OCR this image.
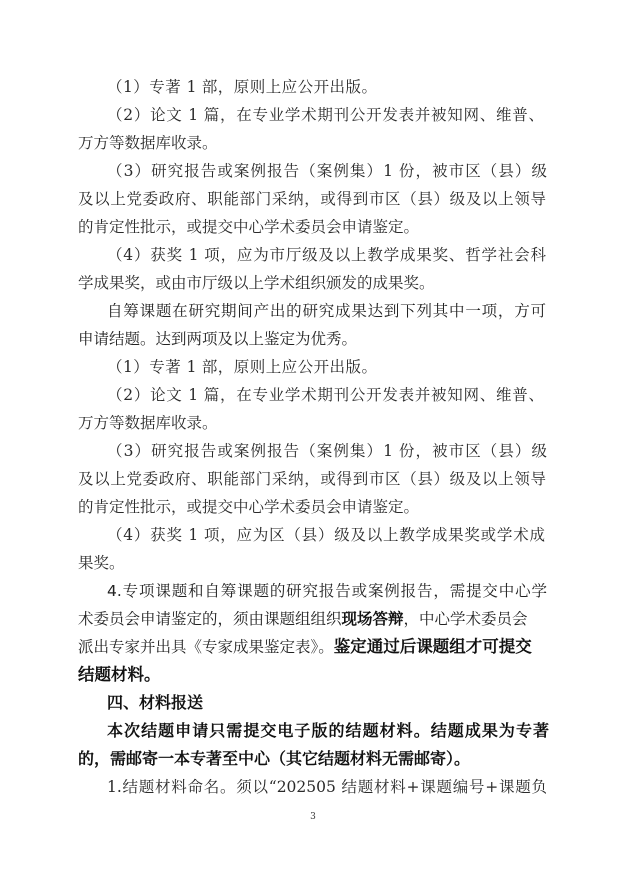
（1）专著 1 部，原则上应公开出版。
（2）论文 1 篇，在专业学术期刊公开发表并被知网、维普、
万方等数据库收录。
（3）研究报告或案例报告（案例集）1 份，被市区（县）级
及以上党委政府、职能部门采纳，或得到市区（县）级及以上领导
的肯定性批示，或提交中心学术委员会申请鉴定。
（4）获奖 1 项，应为市厅级及以上教学成果奖、哲学社会科
学成果奖，或由市厅级以上学术组织颁发的成果奖。
自筹课题在研究期间产出的研究成果达到下列其中一项，方可
申请结题。达到两项及以上鉴定为优秀。
（1）专著 1 部，原则上应公开出版。
（2）论文 1 篇，在专业学术期刊公开发表并被知网、维普、
万方等数据库收录。
（3）研究报告或案例报告（案例集）1 份，被市区（县）级
及以上党委政府、职能部门采纳，或得到市区（县）级及以上领导
的肯定性批示，或提交中心学术委员会申请鉴定。
（4）获奖 1 项，应为区（县）级及以上教学成果奖或学术成
果奖。
4.专项课题和自筹课题的研究报告或案例报告，需提交中心学
术委员会申请鉴定的，须由课题组组织现场答辩，中心学术委员会
派出专家并出具《专家成果鉴定表》。鉴定通过后课题组才可提交
结题材料。
四、材料报送
本次结题申请只需提交电子版的结题材料。结题成果为专著
的，需邮寄一本专著至中心（其它结题材料无需邮寄）。
1.结题材料命名。须以“202505 结题材料+课题编号+课题负
3
